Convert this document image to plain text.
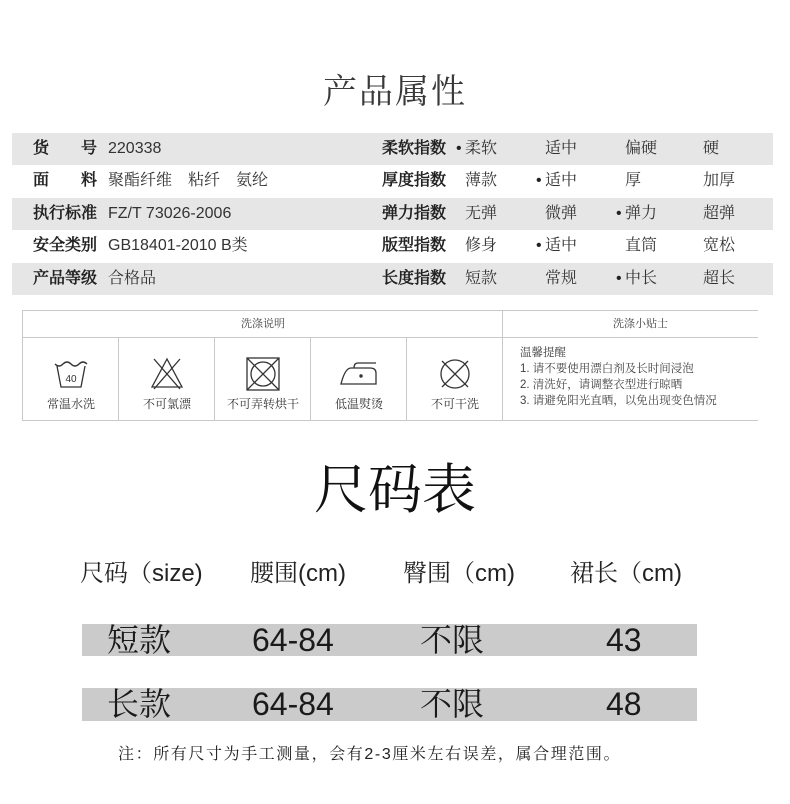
产品属性
货　　号 220338	柔软指数 • 柔软	适中	偏硬	硬
面　　料 聚酯纤维　粘纤　氨纶	厚度指数 薄款 • 适中	厚	加厚
执行标准 FZ/T 73026-2006	弹力指数 无弹	微弹 • 弹力	超弹
安全类别 GB18401-2010 B类	版型指数 修身 • 适中	直筒	宽松
产品等级 合格品	长度指数 短款	常规 • 中长	超长
洗涤说明	洗涤小贴士
40
常温水洗	不可氯漂	不可弄转烘干	低温熨烫	不可干洗
温馨提醒
1. 请不要使用漂白剂及长时间浸泡
2. 清洗好，请调整衣型进行晾晒
3. 请避免阳光直晒，以免出现变色情况
尺码表
尺码（size) 腰围(cm) 臀围（cm) 裙长（cm)
短款	64-84	不限	43
长款	64-84	不限	48
注：所有尺寸为手工测量，会有2-3厘米左右误差，属合理范围。
